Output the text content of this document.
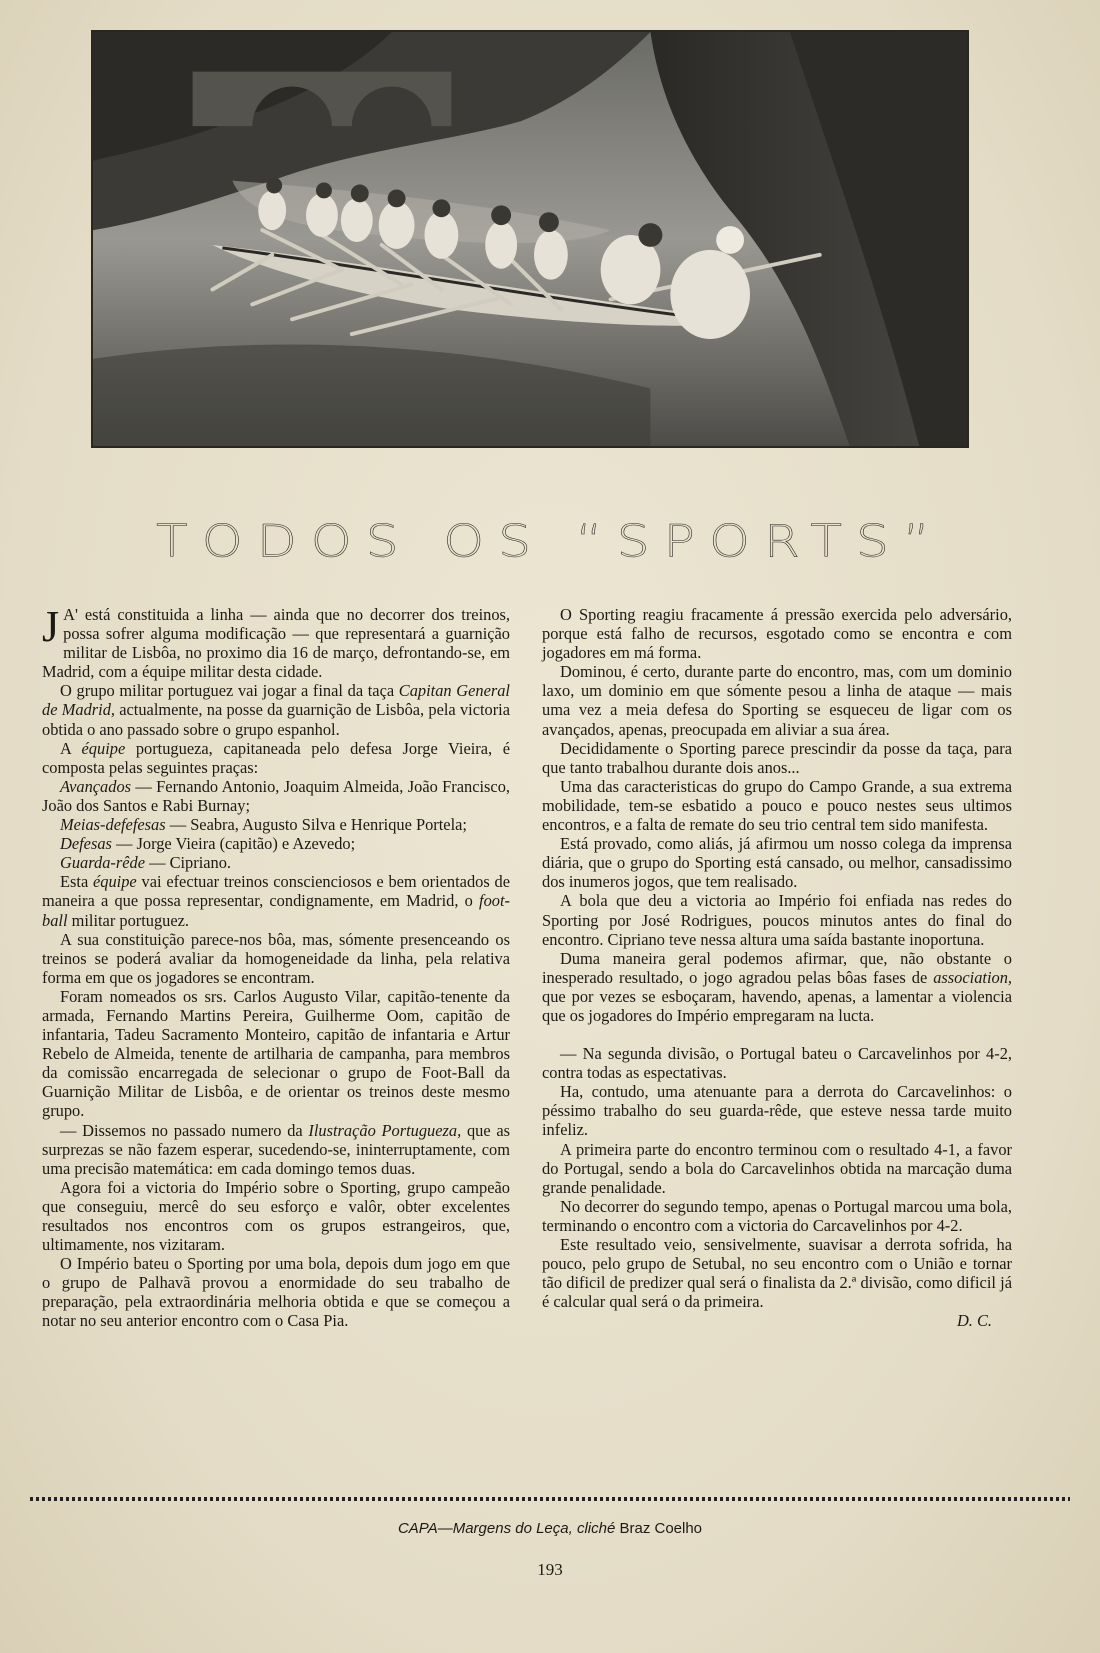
TODOS OS “SPORTS”

J A' está constituida a linha — ainda que no decorrer dos treinos, possa sofrer alguma modificação — que representará a guarnição militar de Lisbôa, no proximo dia 16 de março, defrontando-se, em Madrid, com a équipe militar desta cidade.

O grupo militar portuguez vai jogar a final da taça Capitan General de Madrid, actualmente, na posse da guarnição de Lisbôa, pela victoria obtida o ano passado sobre o grupo espanhol.

A équipe portugueza, capitaneada pelo defesa Jorge Vieira, é composta pelas seguintes praças:

Avançados — Fernando Antonio, Joaquim Almeida, João Francisco, João dos Santos e Rabi Burnay;

Meias-defefesas — Seabra, Augusto Silva e Henrique Portela;

Defesas — Jorge Vieira (capitão) e Azevedo;

Guarda-rêde — Cipriano.

Esta équipe vai efectuar treinos conscienciosos e bem orientados de maneira a que possa representar, condignamente, em Madrid, o foot-ball militar portuguez.

A sua constituição parece-nos bôa, mas, sómente presenceando os treinos se poderá avaliar da homogeneidade da linha, pela relativa forma em que os jogadores se encontram.

Foram nomeados os srs. Carlos Augusto Vilar, capitão-tenente da armada, Fernando Martins Pereira, Guilherme Oom, capitão de infantaria, Tadeu Sacramento Monteiro, capitão de infantaria e Artur Rebelo de Almeida, tenente de artilharia de campanha, para membros da comissão encarregada de selecionar o grupo de Foot-Ball da Guarnição Militar de Lisbôa, e de orientar os treinos deste mesmo grupo.

— Dissemos no passado numero da Ilustração Portugueza, que as surprezas se não fazem esperar, sucedendo-se, ininterruptamente, com uma precisão matemática: em cada domingo temos duas.

Agora foi a victoria do Império sobre o Sporting, grupo campeão que conseguiu, mercê do seu esforço e valôr, obter excelentes resultados nos encontros com os grupos estrangeiros, que, ultimamente, nos vizitaram.

O Império bateu o Sporting por uma bola, depois dum jogo em que o grupo de Palhavã provou a enormidade do seu trabalho de preparação, pela extraordinária melhoria obtida e que se começou a notar no seu anterior encontro com o Casa Pia.

O Sporting reagiu fracamente á pressão exercida pelo adversário, porque está falho de recursos, esgotado como se encontra e com jogadores em má forma.

Dominou, é certo, durante parte do encontro, mas, com um dominio laxo, um dominio em que sómente pesou a linha de ataque — mais uma vez a meia defesa do Sporting se esqueceu de ligar com os avançados, apenas, preocupada em aliviar a sua área.

Decididamente o Sporting parece prescindir da posse da taça, para que tanto trabalhou durante dois anos...

Uma das caracteristicas do grupo do Campo Grande, a sua extrema mobilidade, tem-se esbatido a pouco e pouco nestes seus ultimos encontros, e a falta de remate do seu trio central tem sido manifesta.

Está provado, como aliás, já afirmou um nosso colega da imprensa diária, que o grupo do Sporting está cansado, ou melhor, cansadissimo dos inumeros jogos, que tem realisado.

A bola que deu a victoria ao Império foi enfiada nas redes do Sporting por José Rodrigues, poucos minutos antes do final do encontro. Cipriano teve nessa altura uma saída bastante inoportuna.

Duma maneira geral podemos afirmar, que, não obstante o inesperado resultado, o jogo agradou pelas bôas fases de association, que por vezes se esboçaram, havendo, apenas, a lamentar a violencia que os jogadores do Império empregaram na lucta.

— Na segunda divisão, o Portugal bateu o Carcavelinhos por 4-2, contra todas as espectativas.

Ha, contudo, uma atenuante para a derrota do Carcavelinhos: o péssimo trabalho do seu guarda-rêde, que esteve nessa tarde muito infeliz.

A primeira parte do encontro terminou com o resultado 4-1, a favor do Portugal, sendo a bola do Carcavelinhos obtida na marcação duma grande penalidade.

No decorrer do segundo tempo, apenas o Portugal marcou uma bola, terminando o encontro com a victoria do Carcavelinhos por 4-2.

Este resultado veio, sensivelmente, suavisar a derrota sofrida, ha pouco, pelo grupo de Setubal, no seu encontro com o União e tornar tão dificil de predizer qual será o finalista da 2.ª divisão, como dificil já é calcular qual será o da primeira.

D. C.

CAPA—Margens do Leça, cliché Braz Coelho
193
